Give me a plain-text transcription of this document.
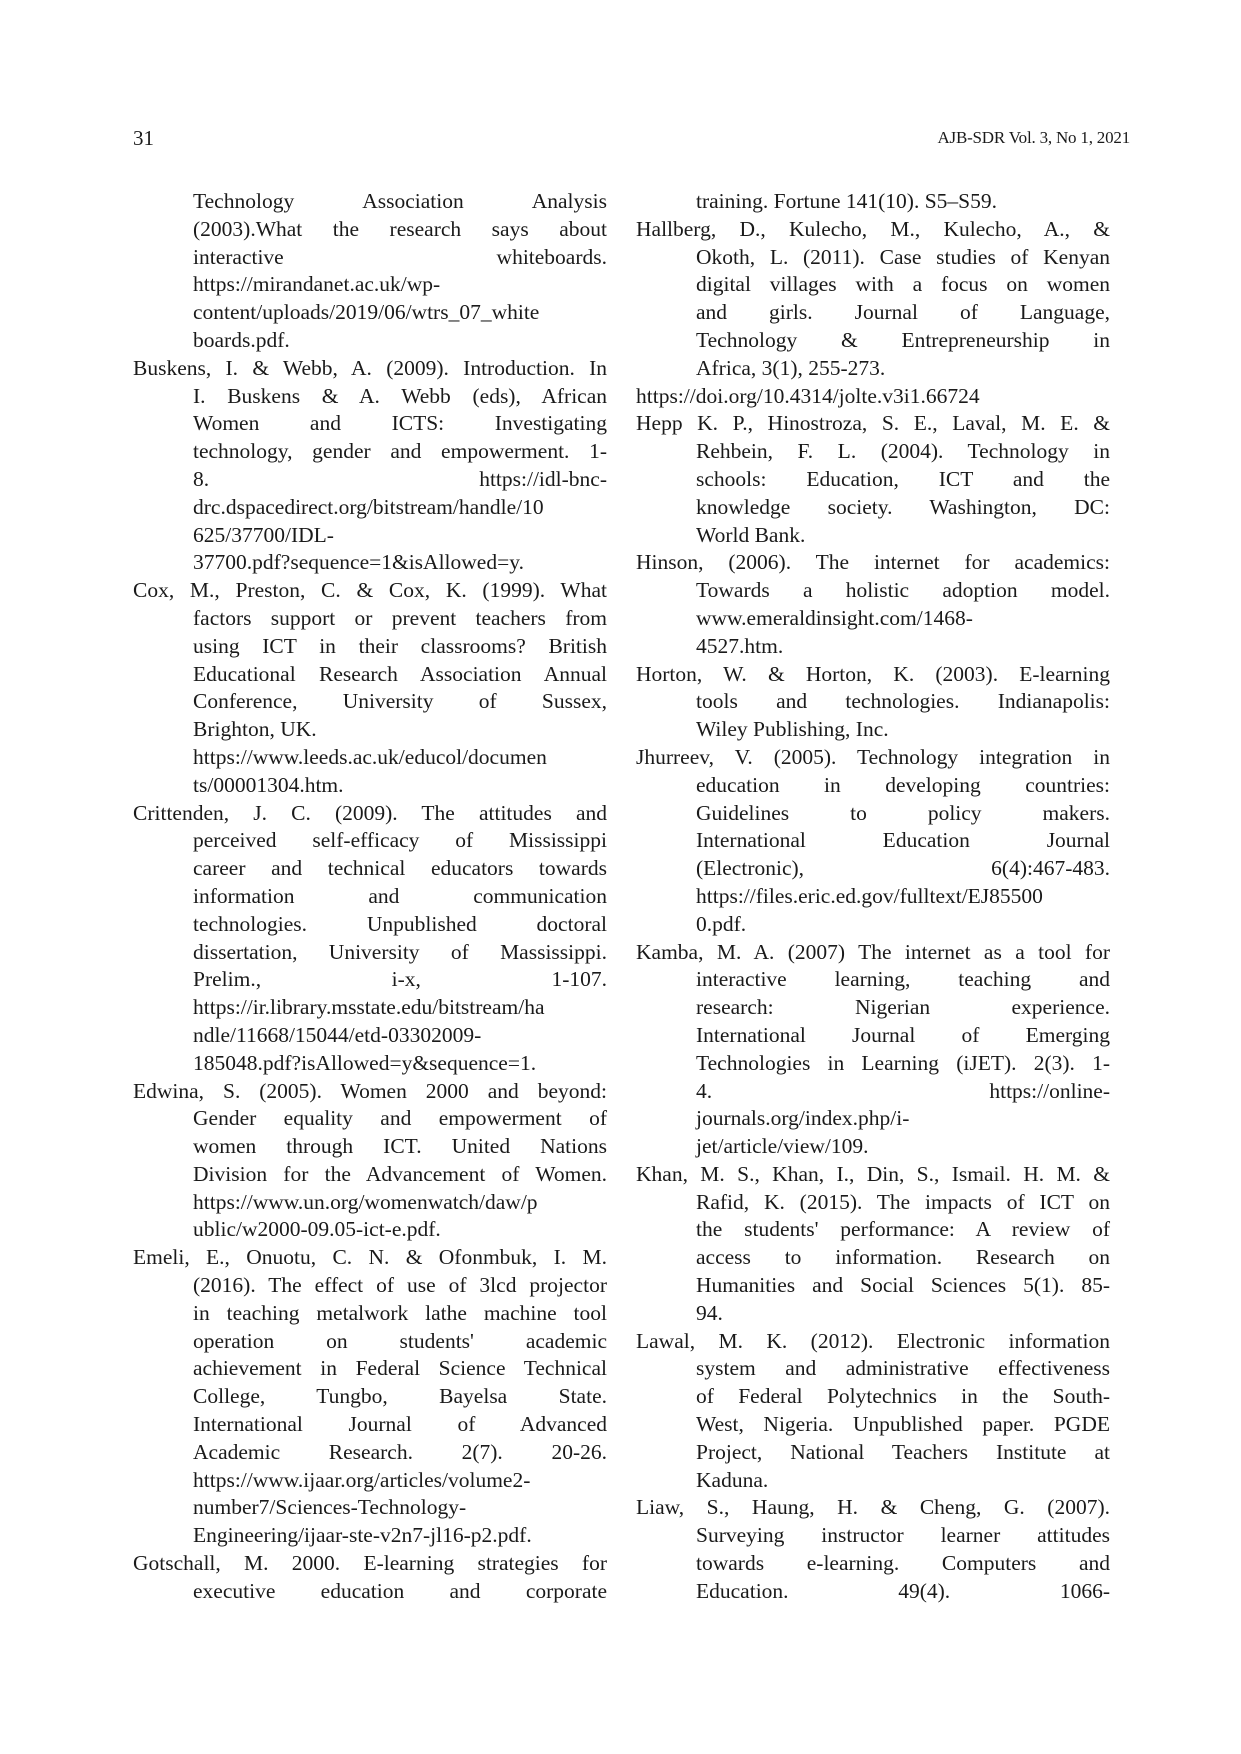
31	AJB-SDR Vol. 3, No 1, 2021
Technology Association Analysis
(2003).What the research says about
interactive whiteboards.
https://mirandanet.ac.uk/wp-
content/uploads/2019/06/wtrs_07_white
boards.pdf.
Buskens, I. & Webb, A. (2009). Introduction. In
I. Buskens & A. Webb (eds), African
Women and ICTS: Investigating
technology, gender and empowerment. 1-
8. https://idl-bnc-
drc.dspacedirect.org/bitstream/handle/10
625/37700/IDL-
37700.pdf?sequence=1&isAllowed=y.
Cox, M., Preston, C. & Cox, K. (1999). What
factors support or prevent teachers from
using ICT in their classrooms? British
Educational Research Association Annual
Conference, University of Sussex,
Brighton, UK.
https://www.leeds.ac.uk/educol/documen
ts/00001304.htm.
Crittenden, J. C. (2009). The attitudes and
perceived self-efficacy of Mississippi
career and technical educators towards
information and communication
technologies. Unpublished doctoral
dissertation, University of Massissippi.
Prelim., i-x, 1-107.
https://ir.library.msstate.edu/bitstream/ha
ndle/11668/15044/etd-03302009-
185048.pdf?isAllowed=y&sequence=1.
Edwina, S. (2005). Women 2000 and beyond:
Gender equality and empowerment of
women through ICT. United Nations
Division for the Advancement of Women.
https://www.un.org/womenwatch/daw/p
ublic/w2000-09.05-ict-e.pdf.
Emeli, E., Onuotu, C. N. & Ofonmbuk, I. M.
(2016). The effect of use of 3lcd projector
in teaching metalwork lathe machine tool
operation on students' academic
achievement in Federal Science Technical
College, Tungbo, Bayelsa State.
International Journal of Advanced
Academic Research. 2(7). 20-26.
https://www.ijaar.org/articles/volume2-
number7/Sciences-Technology-
Engineering/ijaar-ste-v2n7-jl16-p2.pdf.
Gotschall, M. 2000. E-learning strategies for
executive education and corporate
training. Fortune 141(10). S5–S59.
Hallberg, D., Kulecho, M., Kulecho, A., &
Okoth, L. (2011). Case studies of Kenyan
digital villages with a focus on women
and girls. Journal of Language,
Technology & Entrepreneurship in
Africa, 3(1), 255-273.
https://doi.org/10.4314/jolte.v3i1.66724
Hepp K. P., Hinostroza, S. E., Laval, M. E. &
Rehbein, F. L. (2004). Technology in
schools: Education, ICT and the
knowledge society. Washington, DC:
World Bank.
Hinson, (2006). The internet for academics:
Towards a holistic adoption model.
www.emeraldinsight.com/1468-
4527.htm.
Horton, W. & Horton, K. (2003). E-learning
tools and technologies. Indianapolis:
Wiley Publishing, Inc.
Jhurreev, V. (2005). Technology integration in
education in developing countries:
Guidelines to policy makers.
International Education Journal
(Electronic), 6(4):467-483.
https://files.eric.ed.gov/fulltext/EJ85500
0.pdf.
Kamba, M. A. (2007) The internet as a tool for
interactive learning, teaching and
research: Nigerian experience.
International Journal of Emerging
Technologies in Learning (iJET). 2(3). 1-
4. https://online-
journals.org/index.php/i-
jet/article/view/109.
Khan, M. S., Khan, I., Din, S., Ismail. H. M. &
Rafid, K. (2015). The impacts of ICT on
the students' performance: A review of
access to information. Research on
Humanities and Social Sciences 5(1). 85-
94.
Lawal, M. K. (2012). Electronic information
system and administrative effectiveness
of Federal Polytechnics in the South-
West, Nigeria. Unpublished paper. PGDE
Project, National Teachers Institute at
Kaduna.
Liaw, S., Haung, H. & Cheng, G. (2007).
Surveying instructor learner attitudes
towards e-learning. Computers and
Education. 49(4). 1066-
